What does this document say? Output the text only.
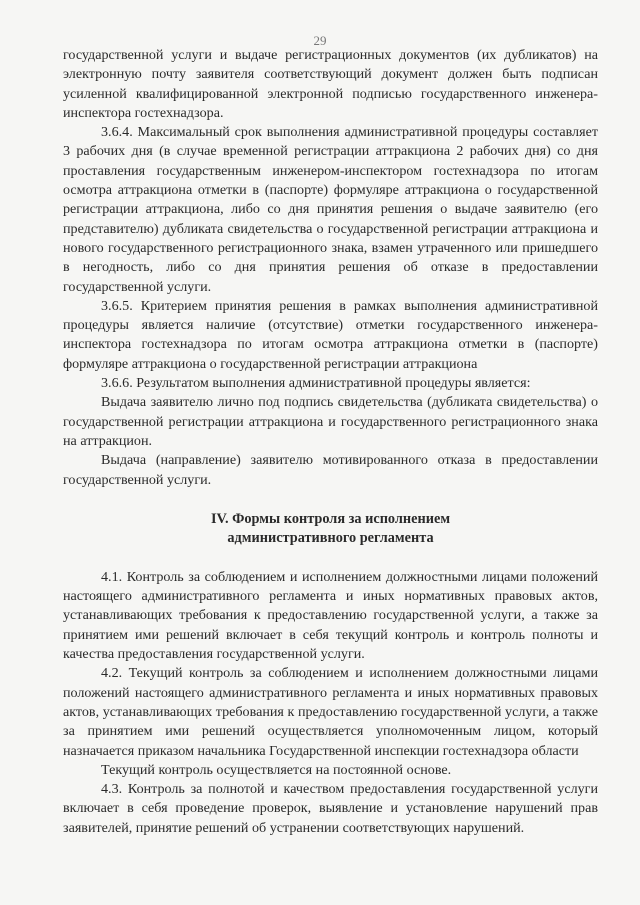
29

государственной услуги и выдаче регистрационных документов (их дубликатов) на электронную почту заявителя соответствующий документ должен быть подписан усиленной квалифицированной электронной подписью государственного инженера-инспектора гостехнадзора.

3.6.4. Максимальный срок выполнения административной процедуры составляет 3 рабочих дня (в случае временной регистрации аттракциона 2 рабочих дня) со дня проставления государственным инженером-инспектором гостехнадзора по итогам осмотра аттракциона отметки в (паспорте) формуляре аттракциона о государственной регистрации аттракциона, либо со дня принятия решения о выдаче заявителю (его представителю) дубликата свидетельства о государственной регистрации аттракциона и нового государственного регистрационного знака, взамен утраченного или пришедшего в негодность, либо со дня принятия решения об отказе в предоставлении государственной услуги.

3.6.5. Критерием принятия решения в рамках выполнения административной процедуры является наличие (отсутствие) отметки государственного инженера-инспектора гостехнадзора по итогам осмотра аттракциона отметки в (паспорте) формуляре аттракциона о государственной регистрации аттракциона

3.6.6. Результатом выполнения административной процедуры является:

Выдача заявителю лично под подпись свидетельства (дубликата свидетельства) о государственной регистрации аттракциона и государственного регистрационного знака на аттракцион.

Выдача (направление) заявителю мотивированного отказа в предоставлении государственной услуги.

IV. Формы контроля за исполнением
административного регламента

4.1. Контроль за соблюдением и исполнением должностными лицами положений настоящего административного регламента и иных нормативных правовых актов, устанавливающих требования к предоставлению государственной услуги, а также за принятием ими решений включает в себя текущий контроль и контроль полноты и качества предоставления государственной услуги.

4.2. Текущий контроль за соблюдением и исполнением должностными лицами положений настоящего административного регламента и иных нормативных правовых актов, устанавливающих требования к предоставлению государственной услуги, а также за принятием ими решений осуществляется уполномоченным лицом, который назначается приказом начальника Государственной инспекции гостехнадзора области

Текущий контроль осуществляется на постоянной основе.

4.3. Контроль за полнотой и качеством предоставления государственной услуги включает в себя проведение проверок, выявление и установление нарушений прав заявителей, принятие решений об устранении соответствующих нарушений.
